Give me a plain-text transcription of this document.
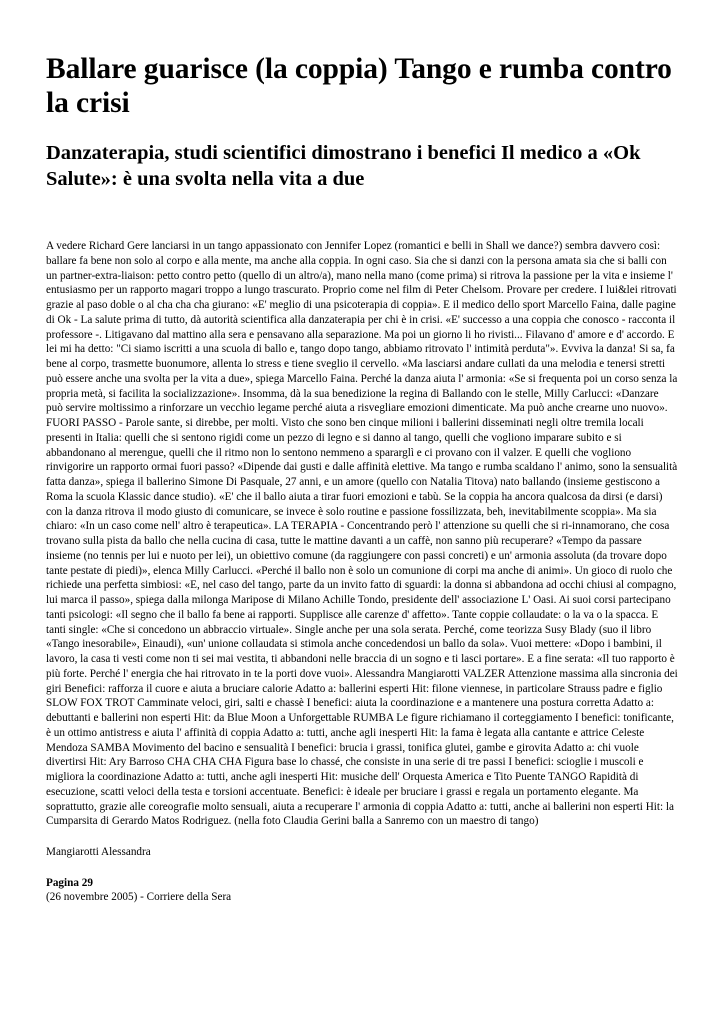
Ballare guarisce (la coppia) Tango e rumba contro la crisi
Danzaterapia, studi scientifici dimostrano i benefici Il medico a «Ok Salute»: è una svolta nella vita a due

A vedere Richard Gere lanciarsi in un tango appassionato con Jennifer Lopez (romantici e belli in Shall we dance?) sembra davvero così: ballare fa bene non solo al corpo e alla mente, ma anche alla coppia. In ogni caso. Sia che si danzi con la persona amata sia che si balli con un partner-extra-liaison: petto contro petto (quello di un altro/a), mano nella mano (come prima) si ritrova la passione per la vita e insieme l' entusiasmo per un rapporto magari troppo a lungo trascurato. Proprio come nel film di Peter Chelsom. Provare per credere. I lui&lei ritrovati grazie al paso doble o al cha cha cha giurano: «E' meglio di una psicoterapia di coppia». E il medico dello sport Marcello Faina, dalle pagine di Ok - La salute prima di tutto, dà autorità scientifica alla danzaterapia per chi è in crisi. «E' successo a una coppia che conosco - racconta il professore -. Litigavano dal mattino alla sera e pensavano alla separazione. Ma poi un giorno li ho rivisti... Filavano d' amore e d' accordo. E lei mi ha detto: "Ci siamo iscritti a una scuola di ballo e, tango dopo tango, abbiamo ritrovato l' intimità perduta"». Evviva la danza! Si sa, fa bene al corpo, trasmette buonumore, allenta lo stress e tiene sveglio il cervello. «Ma lasciarsi andare cullati da una melodia e tenersi stretti può essere anche una svolta per la vita a due», spiega Marcello Faina. Perché la danza aiuta l' armonia: «Se si frequenta poi un corso senza la propria metà, si facilita la socializzazione». Insomma, dà la sua benedizione la regina di Ballando con le stelle, Milly Carlucci: «Danzare può servire moltissimo a rinforzare un vecchio legame perché aiuta a risvegliare emozioni dimenticate. Ma può anche crearne uno nuovo». FUORI PASSO - Parole sante, si direbbe, per molti. Visto che sono ben cinque milioni i ballerini disseminati negli oltre tremila locali presenti in Italia: quelli che si sentono rigidi come un pezzo di legno e si danno al tango, quelli che vogliono imparare subito e si abbandonano al merengue, quelli che il ritmo non lo sentono nemmeno a spararglì e ci provano con il valzer. E quelli che vogliono rinvigorire un rapporto ormai fuori passo? «Dipende dai gusti e dalle affinità elettive. Ma tango e rumba scaldano l' animo, sono la sensualità fatta danza», spiega il ballerino Simone Di Pasquale, 27 anni, e un amore (quello con Natalia Titova) nato ballando (insieme gestiscono a Roma la scuola Klassic dance studio). «E' che il ballo aiuta a tirar fuori emozioni e tabù. Se la coppia ha ancora qualcosa da dirsi (e darsi) con la danza ritrova il modo giusto di comunicare, se invece è solo routine e passione fossilizzata, beh, inevitabilmente scoppia». Ma sia chiaro: «In un caso come nell' altro è terapeutica». LA TERAPIA - Concentrando però l' attenzione su quelli che si ri-innamorano, che cosa trovano sulla pista da ballo che nella cucina di casa, tutte le mattine davanti a un caffè, non sanno più recuperare? «Tempo da passare insieme (no tennis per lui e nuoto per lei), un obiettivo comune (da raggiungere con passi concreti) e un' armonia assoluta (da trovare dopo tante pestate di piedi)», elenca Milly Carlucci. «Perché il ballo non è solo un comunione di corpi ma anche di animi». Un gioco di ruolo che richiede una perfetta simbiosi: «E, nel caso del tango, parte da un invito fatto di sguardi: la donna si abbandona ad occhi chiusi al compagno, lui marca il passo», spiega dalla milonga Maripose di Milano Achille Tondo, presidente dell' associazione L' Oasi. Ai suoi corsi partecipano tanti psicologi: «Il segno che il ballo fa bene ai rapporti. Supplisce alle carenze d' affetto». Tante coppie collaudate: o la va o la spacca. E tanti single: «Che si concedono un abbraccio virtuale». Single anche per una sola serata. Perché, come teorizza Susy Blady (suo il libro «Tango inesorabile», Einaudi), «un' unione collaudata si stimola anche concedendosi un ballo da sola». Vuoi mettere: «Dopo i bambini, il lavoro, la casa ti vesti come non ti sei mai vestita, ti abbandoni nelle braccia di un sogno e ti lasci portare». E a fine serata: «Il tuo rapporto è più forte. Perché l' energia che hai ritrovato in te la porti dove vuoi». Alessandra Mangiarotti VALZER Attenzione massima alla sincronia dei giri Benefici: rafforza il cuore e aiuta a bruciare calorie Adatto a: ballerini esperti Hit: filone viennese, in particolare Strauss padre e figlio SLOW FOX TROT Camminate veloci, giri, salti e chassè I benefici: aiuta la coordinazione e a mantenere una postura corretta Adatto a: debuttanti e ballerini non esperti Hit: da Blue Moon a Unforgettable RUMBA Le figure richiamano il corteggiamento I benefici: tonificante, è un ottimo antistress e aiuta l' affinità di coppia Adatto a: tutti, anche agli inesperti Hit: la fama è legata alla cantante e attrice Celeste Mendoza SAMBA Movimento del bacino e sensualità I benefici: brucia i grassi, tonifica glutei, gambe e girovita Adatto a: chi vuole divertirsi Hit: Ary Barroso CHA CHA CHA Figura base lo chassé, che consiste in una serie di tre passi I benefici: scioglie i muscoli e migliora la coordinazione Adatto a: tutti, anche agli inesperti Hit: musiche dell' Orquesta America e Tito Puente TANGO Rapidità di esecuzione, scatti veloci della testa e torsioni accentuate. Benefici: è ideale per bruciare i grassi e regala un portamento elegante. Ma soprattutto, grazie alle coreografie molto sensuali, aiuta a recuperare l' armonia di coppia Adatto a: tutti, anche ai ballerini non esperti Hit: la Cumparsita di Gerardo Matos Rodriguez. (nella foto Claudia Gerini balla a Sanremo con un maestro di tango)

Mangiarotti Alessandra

Pagina 29

(26 novembre 2005) - Corriere della Sera
